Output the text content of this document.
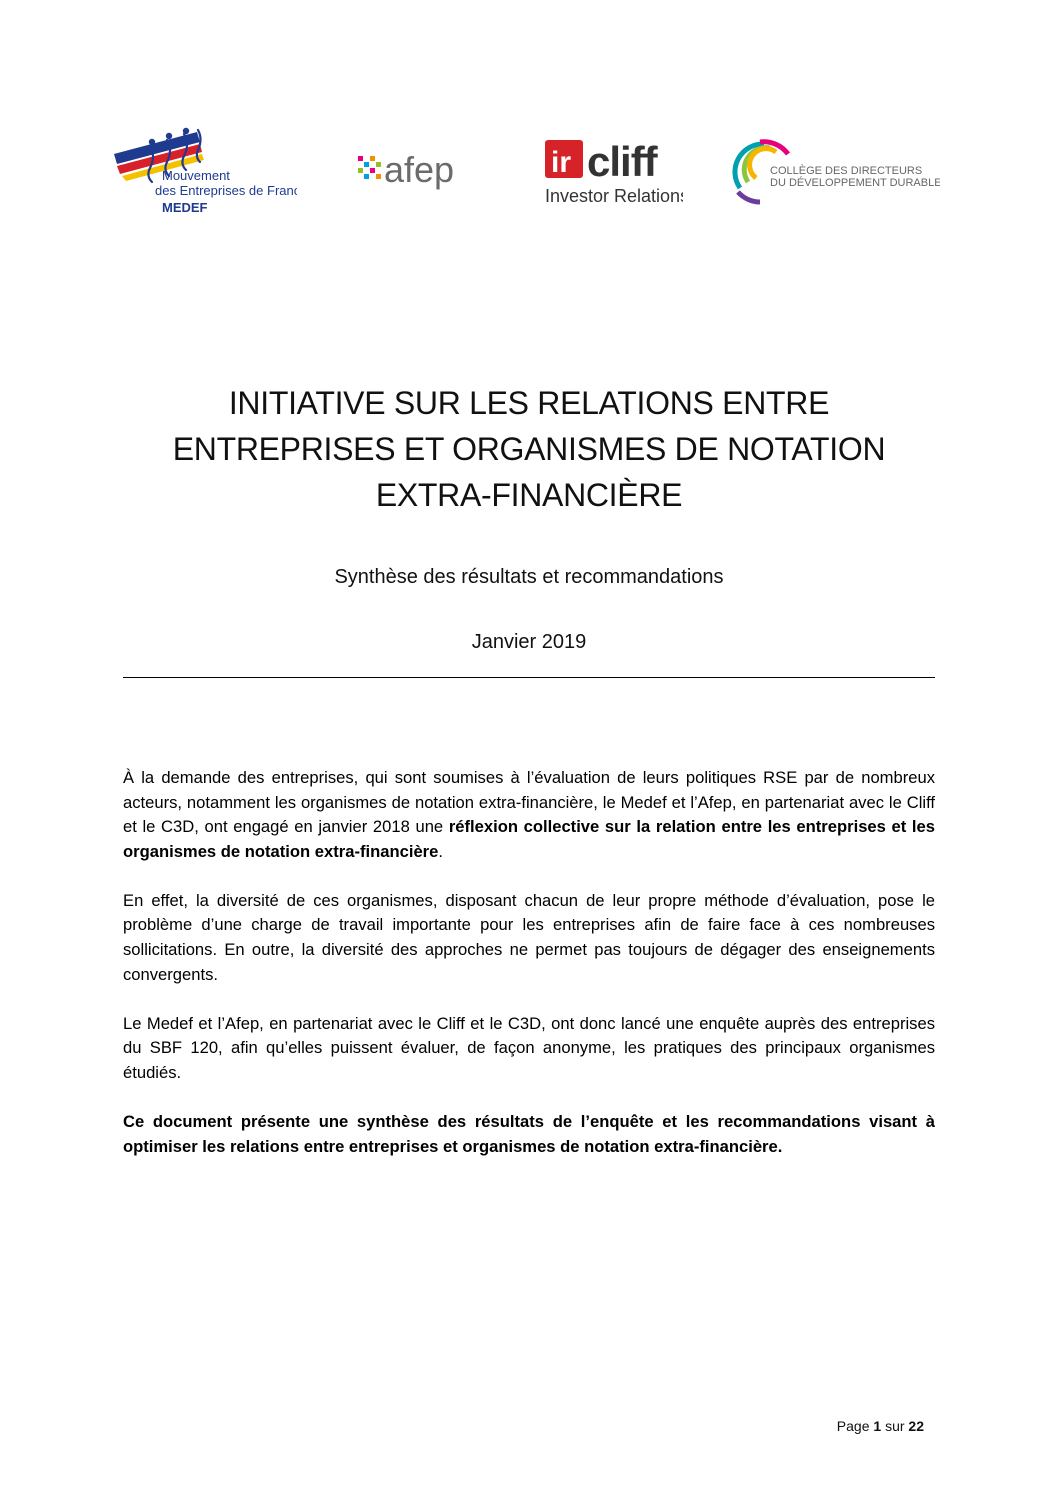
Mouvement
des Entreprises de France
MEDEF
afep	ir cliff
Investor Relations
COLLÈGE DES DIRECTEURS
DU DÉVELOPPEMENT DURABLE
INITIATIVE SUR LES RELATIONS ENTRE
ENTREPRISES ET ORGANISMES DE NOTATION
EXTRA-FINANCIÈRE
Synthèse des résultats et recommandations
Janvier 2019

À la demande des entreprises, qui sont soumises à l’évaluation de leurs politiques RSE par de nombreux acteurs, notamment les organismes de notation extra-financière, le Medef et l’Afep, en partenariat avec le Cliff et le C3D, ont engagé en janvier 2018 une réflexion collective sur la relation entre les entreprises et les organismes de notation extra-financière.

En effet, la diversité de ces organismes, disposant chacun de leur propre méthode d’évaluation, pose le problème d’une charge de travail importante pour les entreprises afin de faire face à ces nombreuses sollicitations. En outre, la diversité des approches ne permet pas toujours de dégager des enseignements convergents.

Le Medef et l’Afep, en partenariat avec le Cliff et le C3D, ont donc lancé une enquête auprès des entreprises du SBF 120, afin qu’elles puissent évaluer, de façon anonyme, les pratiques des principaux organismes étudiés.

Ce document présente une synthèse des résultats de l’enquête et les recommandations visant à optimiser les relations entre entreprises et organismes de notation extra-financière.

Page 1 sur 22
